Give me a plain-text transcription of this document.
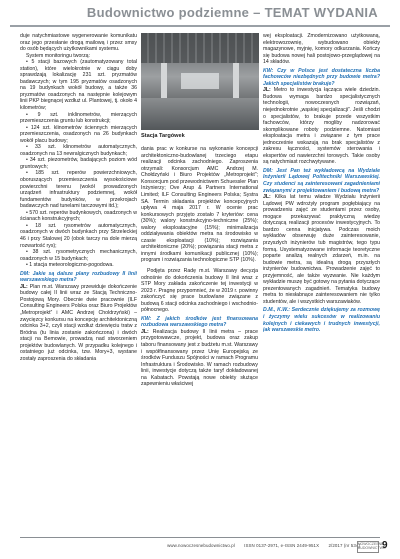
Budownictwo podziemne – TEMAT WYDANIA

duje natychmiastowe wygenerowanie komunikatu oraz jego przesłanie drogą mailową i przez smsy do osób będących użytkownikami systemu.

System monitoringu tworzą:

• 5 stacji bazowych (zautomatyzowany total station), które wielokrotnie w ciągu doby sprawdzają lokalizację 231 szt. pryzmatów badawczych; w tym 195 pryzmatów osadzonych na 19 budynkach wokół budowy, a także 36 pryzmatów osadzonych na następnie kolejowym linii PKP biegnącej wzdłuż ul. Plantowej, tj. około 4 kilometrów;

• 9 szt. inklinometrów, mierzących przemieszczenia gruntu lub konstrukcji;

• 124 szt. klinometrów ściennych mierzących przemieszczenia, osadzonych na 26 budynkach wokół placu budowy;

• 33 szt. klinometrów automatycznych, osadzonych na 13 newralgicznych budynkach;

• 34 szt. piezometrów, badających poziom wód gruntowych;

• 185 szt. reperów powierzchniowych, oboruszących przemieszczenia wysokościowe powierzchni terenu (wokół prowadzonych urządzeń infrastruktury podziemnej, wokół fundamentów budynków, w przekrojach badawczych nad tunelami tarczowymi itd.);

• 570 szt. reperów budynkowych, osadzonych w ścianach konstrukcyjnych;

• 18 szt. rysometrów automatycznych, osadzonych w dwóch budynkach przy Strzeleckiej 46 i przy Stalowej 20 (obok tarczy na dole mierzą rozwartość rys);

• 38 szt. rysometrycznych mechanicznych, osadzonych w 15 budynkach;

• 1 stacja meteorologiczno-pogodowa.

DM: Jakie są dalsze plany rozbudowy II linii warszawskiego metra?

JL: Plan m.st. Warszawy przewiduje dokończenie budowy całej II linii wraz ze Stacją Techniczno-Postojową Mory. Obecnie dwie pracownie (ILF Consulting Engineers Polska oraz Biuro Projektów „Metroprojekt” i AMC Andrzej Choldrzyński) – zwycięzcy konkursu na koncepcję architektoniczną odcinka 3+2, czyli stacji wzdłuż dziewięciu tratw z Bródna (tu linia zostanie zakończona) i dwóch stacji na Bemowie, prowadzą nad stworzeniem projektów budowlanych. W przypadku kolejnego i ostatniego już odcinka, tzw. Mory+3, wystane zostały zaproszenia do składania

Stacja Targówek

dania prac w konkurse na wykonanie koncepcji architektoniczno-budowlanej trzeciego etapu realizacji odcinka zachodniego. Zaproszenia otrzymali: Konsorcjum AMC Andrzej M. Chołdzyński i Biuro Projektów „Metroprojekt”; Konsorcjum pod przewodnictwem Schuessler Plan Inżynierzy; Ove Arup & Partners International Limited; ILF Consulting Engineers Polska; Systra SA. Termin składania projektów koncepcyjnych upływa 4 maja 2017 r. W ocenie prac konkursowych przyjęto zostało 7 kryteriów: cena (30%); walory konstrukcyjno-techniczne (25%); walory eksploatacyjne (15%); minimalizacja oddziaływania obiektów metra na środowisko w czasie eksploatacji (10%); rozwiązania architektoniczne (20%); powiązania stacji metra z innymi środkami komunikacji publicznej (10%); program i rozwiązania technologiczne STP (10%).

Podjęta przez Radę m.st. Warszawy decyzja odnośnie do dokończenia budowy II linii wraz z STP Mory zakłada zakończenie tej inwestycji w 2023 r. Pragnę przypomnieć, że w 2019 r. powinny zakończyć się prace budowlane związane z budową 6 stacji odcinka zachodniego i wschodnio-północnego.

KW: Z jakich środków jest finansowana rozbudowa warszawskiego metra?

JL: Realizacja budowy II linii metra – prace przygotowawcze, projekt, budowa oraz zakup taboru finansowany jest z budżetu m.st. Warszawy i współfinansowany przez Unię Europejską ze środków Funduszu Spójności w ramach Programu Infrastruktura i Środowisko. W ramach rozbudowy linii, inwestycje dotyczą także taryf dokładowanej na Kabatach. Powstają nowe obiekty służące zapewnieniu właściwej

wej eksploatacji. Zmodernizowano użytkowaną, elektrowozownię, wybudowano obiekty magazynowe, myjnię, komory odkurzania. Kończy się budowa nowej hali postojowo-przeglądowej na 14 składów.

KW: Czy w Polsce jest dostateczna liczba fachowców niezbędnych przy budowie metra? Jakich specjalistów brakuje?

JL: Metro to inwestycja łącząca wiele dziedzin. Budowa wymaga bardzo specjalistycznych technologii, nowoczesnych rozwiązań, niejednokrotnie „wąskiej specjalizacji”. Jeśli chodzi o specjalistów, to brakuje przede wszystkim fachowców, którzy mogliby nadzorować skomplikowane roboty podziemne. Natomiast eksploatacja metra i związane z tym prace jednocześnie wskazują na brak specjalistów z zakresu łączności, systemów sterowania i ekspertów od nawierzchni torowych. Takie osoby są natychmiast rozchwytywane.

DM: Jest Pan też wykładowcą na Wydziale Inżynierii Lądowej Politechniki Warszawskiej. Czy studenci są zainteresowani zagadnieniami związanymi z projektowaniem i budową metra?

JL: Kilka lat temu władze Wydziału Inżynierii Lądowej PW wdrożyły program pogłębiający na prowadzeniu zajęć ze studentami przez osoby, mogące przekazywać praktyczną wiedzę dotyczącą realizacji procesów inwestycyjnych. To bardzo cenna inicjatywa. Podczas moich wykładów obserwuję duże zainteresowanie, przyszłych inżynierów tub magistrów, tego typu formą. Usystematyzowane informacje teoretyczne poparte analizą realnych zdarzeń, m.in. na budowie metra, są idealną drogą przyszłych inżynierów budownictwa. Prowadzenie zajęć to przyjemność, ale także wyzwanie. Nie każdym wykładzie muszę być gotowy na pytania dotyczące prezentowanych zagadnień. Tematyka budowy metra to niesłabnące zainteresowaniem nie tylko studentów, ale i wszystkich warszawiaków.

D.M., K.W.: Serdecznie dziękujemy za rozmowę i życzymy wielu sukcesów w realizowaniu kolejnych i ciekawych i trudnych inwestycji, jak warszawskie metro.

www.nowoczesnebudownictwo.pl ISSN 0137-2971, e-ISSN 2449-951X 2/2017 (nr 534)
NOWOCZESNE BUDOWNICTWO
9
